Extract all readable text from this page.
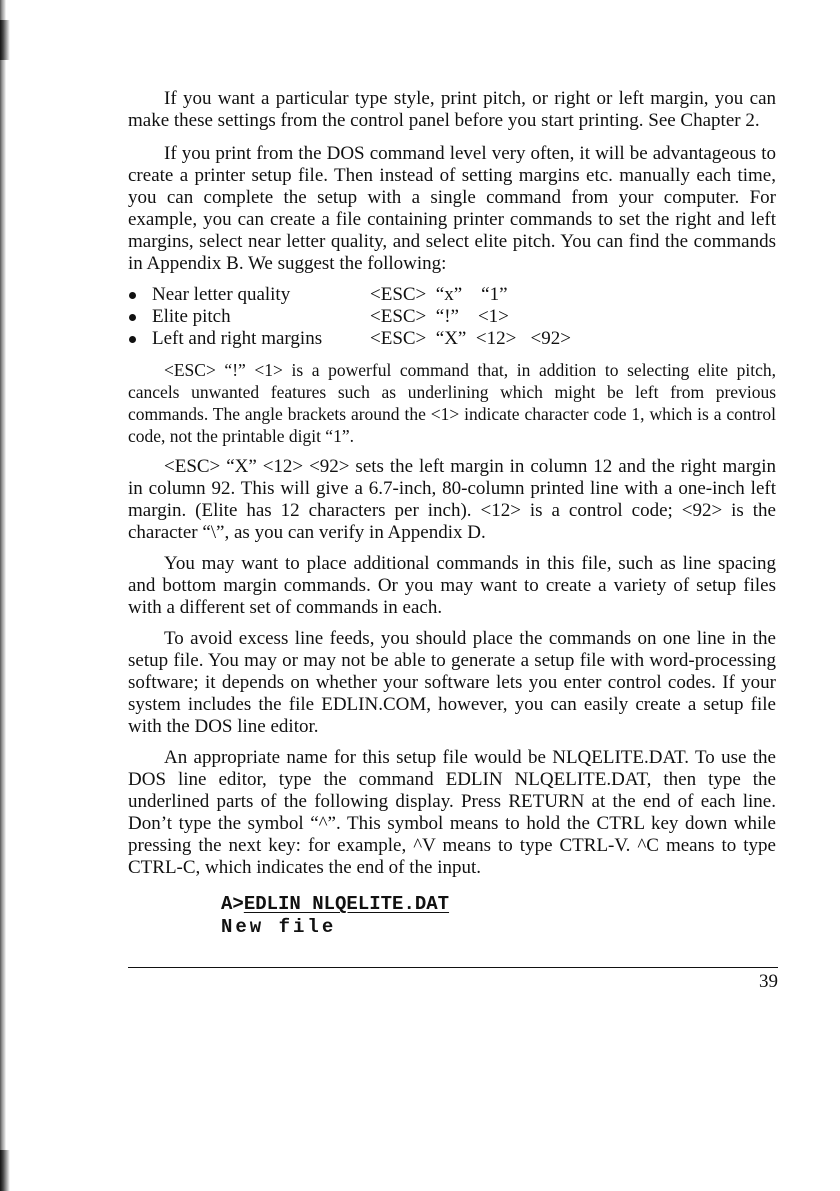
If you want a particular type style, print pitch, or right or left margin, you can make these settings from the control panel before you start printing. See Chapter 2.

If you print from the DOS command level very often, it will be advantageous to create a printer setup file. Then instead of setting margins etc. manually each time, you can complete the setup with a single command from your computer. For example, you can create a file containing printer commands to set the right and left margins, select near letter quality, and select elite pitch. You can find the commands in Appendix B. We suggest the following:

Near letter quality	<ESC>  “x”    “1”
Elite pitch	<ESC>  “!”    <1>
Left and right margins	<ESC>  “X”  <12>   <92>

<ESC> “!” <1> is a powerful command that, in addition to selecting elite pitch, cancels unwanted features such as underlining which might be left from previous commands. The angle brackets around the <1> indicate character code 1, which is a control code, not the printable digit “1”.

<ESC> “X” <12> <92> sets the left margin in column 12 and the right margin in column 92. This will give a 6.7-inch, 80-column printed line with a one-inch left margin. (Elite has 12 characters per inch). <12> is a control code; <92> is the character “\”, as you can verify in Appendix D.

You may want to place additional commands in this file, such as line spacing and bottom margin commands. Or you may want to create a variety of setup files with a different set of commands in each.

To avoid excess line feeds, you should place the commands on one line in the setup file. You may or may not be able to generate a setup file with word-processing software; it depends on whether your software lets you enter control codes. If your system includes the file EDLIN.COM, however, you can easily create a setup file with the DOS line editor.

An appropriate name for this setup file would be NLQELITE.DAT. To use the DOS line editor, type the command EDLIN NLQELITE.DAT, then type the underlined parts of the following display. Press RETURN at the end of each line. Don’t type the symbol “^”. This symbol means to hold the CTRL key down while pressing the next key: for example, ^V means to type CTRL-V. ^C means to type CTRL-C, which indicates the end of the input.

A>EDLIN NLQELITE.DAT
New file
39
